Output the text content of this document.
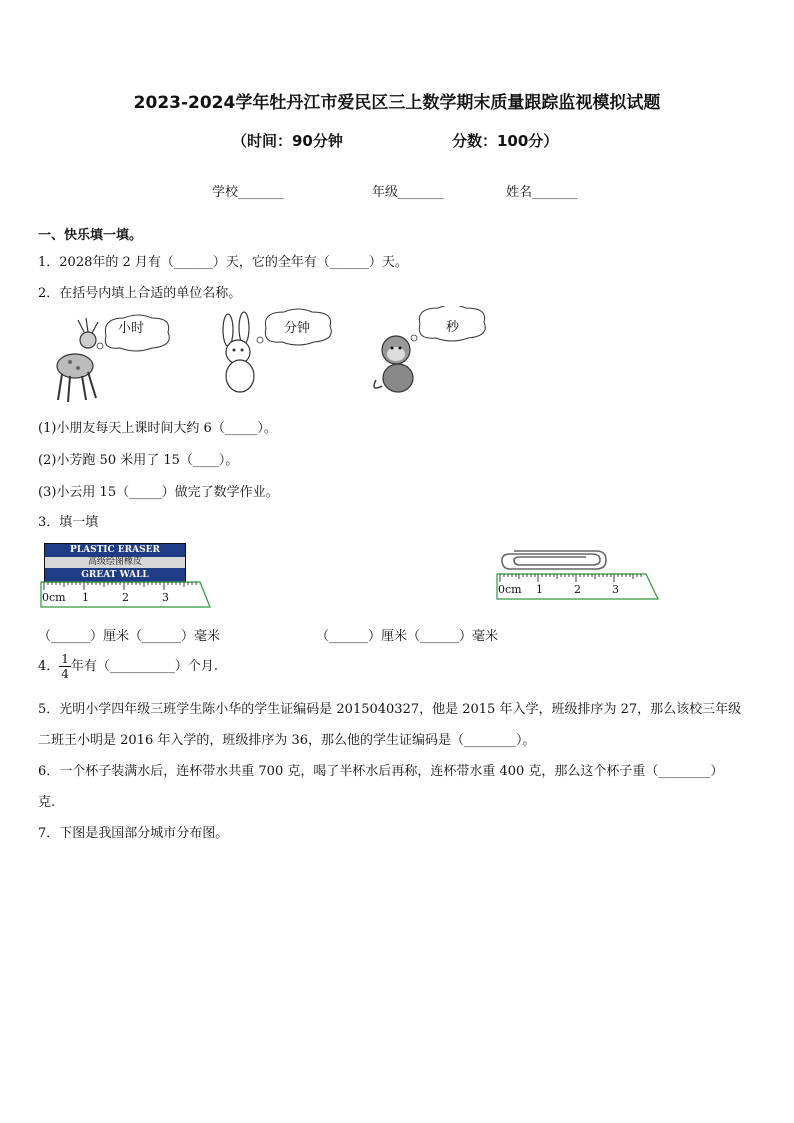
2023-2024学年牡丹江市爱民区三上数学期末质量跟踪监视模拟试题
（时间：90分钟	分数：100分）
学校_______	年级_______	姓名_______
一、快乐填一填。
1．2028年的 2 月有（______）天，它的全年有（______）天。
2．在括号内填上合适的单位名称。
小时	分钟	秒
(1)小朋友每天上课时间大约 6（_____）。
(2)小芳跑 50 米用了 15（____）。
(3)小云用 15（_____）做完了数学作业。
3．填一填
PLASTIC ERASER
高级绘图橡皮
GREAT WALL
0cm 1	2	3
0cm 1	2	3
（______）厘米（______）毫米	（______）厘米（______）毫米
4． $\frac{1}{4}$ 年有（__________）个月.
5．光明小学四年级三班学生陈小华的学生证编码是 2015040327，他是 2015 年入学，班级排序为 27，那么该校三年级
二班王小明是 2016 年入学的，班级排序为 36，那么他的学生证编码是（________）。
6．一个杯子装满水后，连杯带水共重 700 克，喝了半杯水后再称，连杯带水重 400 克，那么这个杯子重（________）
克.
7．下图是我国部分城市分布图。
